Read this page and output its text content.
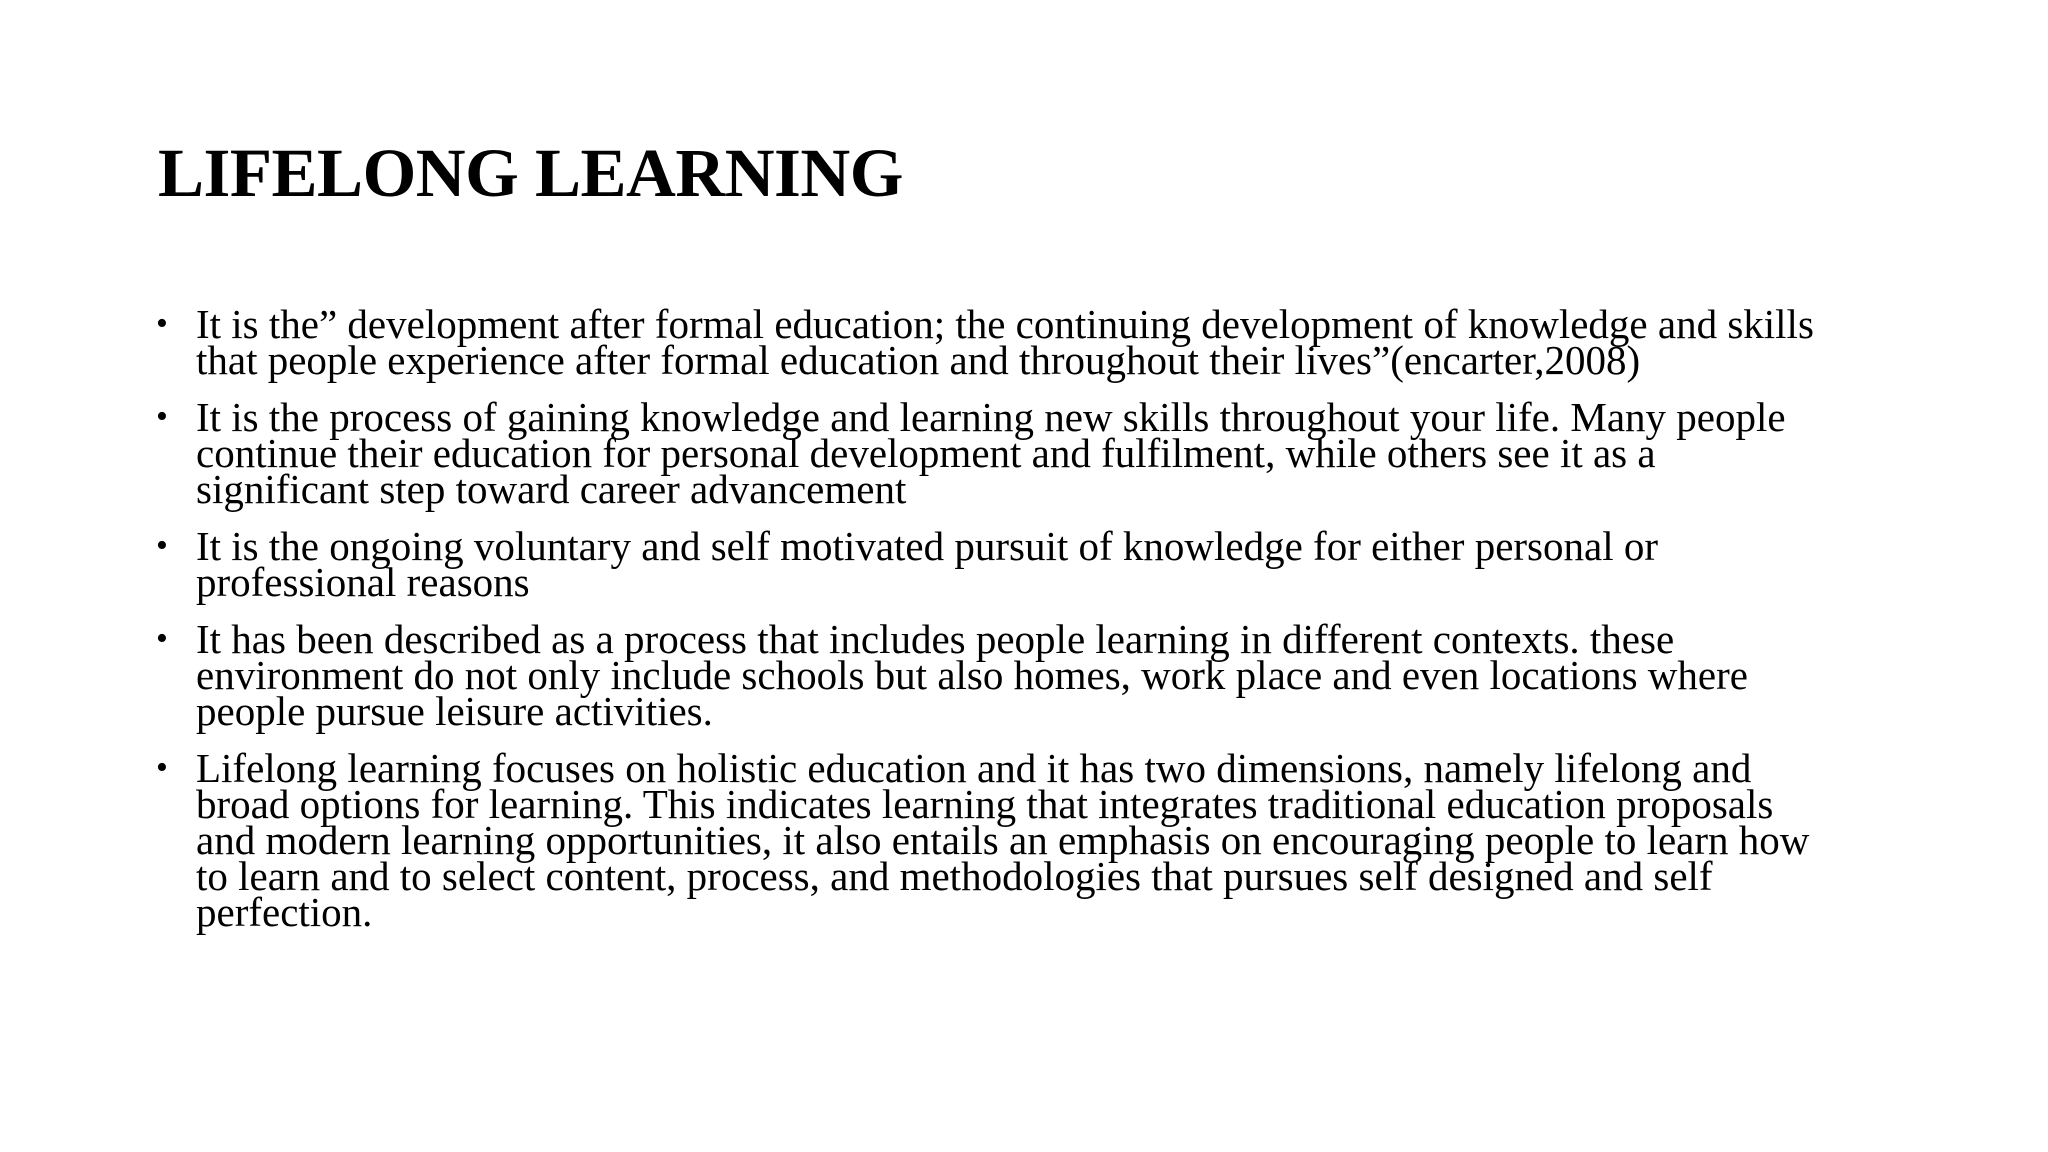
LIFELONG LEARNING
• It is the” development after formal education; the continuing development of knowledge and skills
that people experience after formal education and throughout their lives”(encarter,2008)
• It is the process of gaining knowledge and learning new skills throughout your life. Many people
continue their education for personal development and fulfilment, while others see it as a
significant step toward career advancement
• It is the ongoing voluntary and self motivated pursuit of knowledge for either personal or
professional reasons
• It has been described as a process that includes people learning in different contexts. these
environment do not only include schools but also homes, work place and even locations where
people pursue leisure activities.
• Lifelong learning focuses on holistic education and it has two dimensions, namely lifelong and
broad options for learning. This indicates learning that integrates traditional education proposals
and modern learning opportunities, it also entails an emphasis on encouraging people to learn how
to learn and to select content, process, and methodologies that pursues self designed and self
perfection.
